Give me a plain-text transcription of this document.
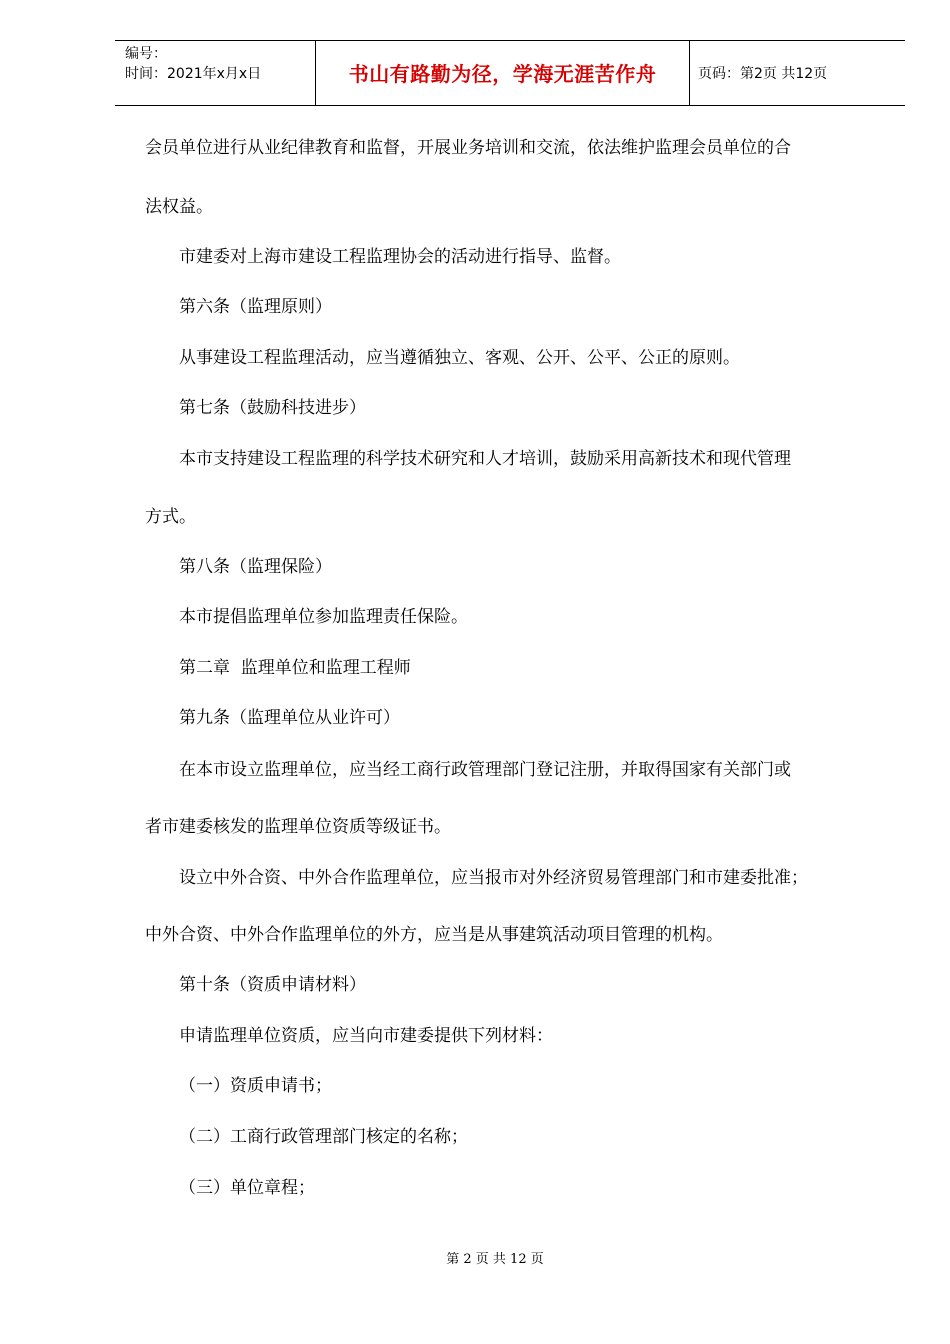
编号：
时间：2021年x月x日	书山有路勤为径，学海无涯苦作舟	页码：第2页 共12页
会员单位进行从业纪律教育和监督，开展业务培训和交流，依法维护监理会员单位的合
法权益。
市建委对上海市建设工程监理协会的活动进行指导、监督。
第六条（监理原则）
从事建设工程监理活动，应当遵循独立、客观、公开、公平、公正的原则。
第七条（鼓励科技进步）
本市支持建设工程监理的科学技术研究和人才培训，鼓励采用高新技术和现代管理
方式。
第八条（监理保险）
本市提倡监理单位参加监理责任保险。
第二章  监理单位和监理工程师
第九条（监理单位从业许可）
在本市设立监理单位，应当经工商行政管理部门登记注册，并取得国家有关部门或
者市建委核发的监理单位资质等级证书。
设立中外合资、中外合作监理单位，应当报市对外经济贸易管理部门和市建委批准；
中外合资、中外合作监理单位的外方，应当是从事建筑活动项目管理的机构。
第十条（资质申请材料）
申请监理单位资质，应当向市建委提供下列材料：
（一）资质申请书；
（二）工商行政管理部门核定的名称；
（三）单位章程；
第 2 页 共 12 页
